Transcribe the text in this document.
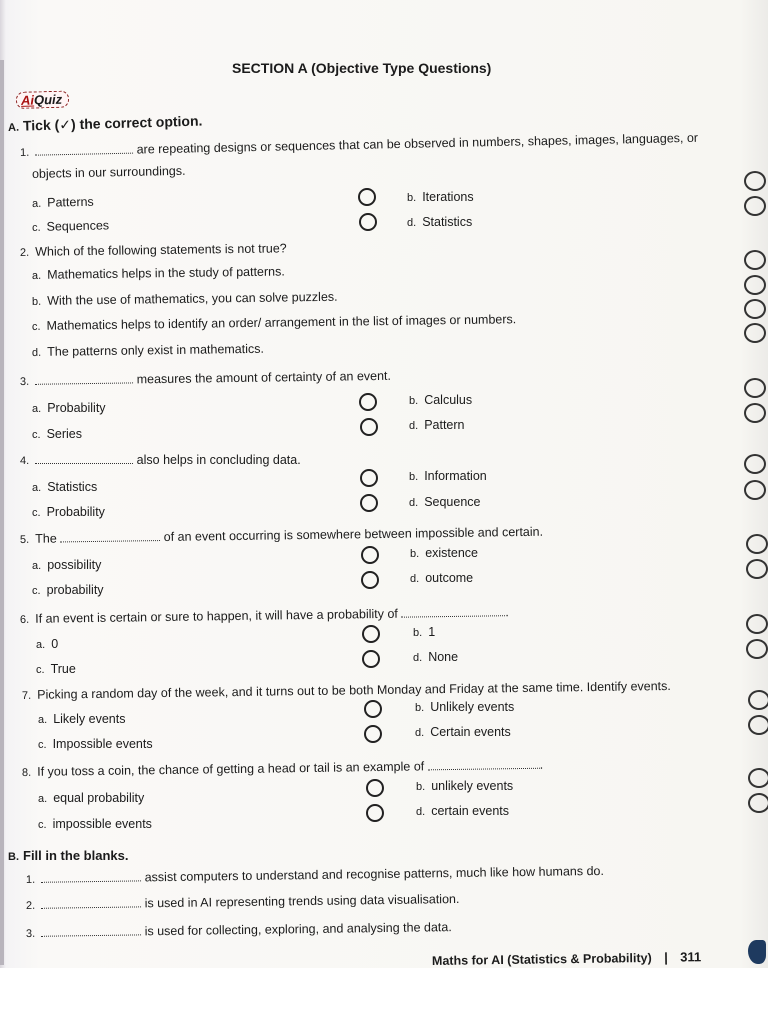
SECTION A (Objective Type Questions)
AiQuiz
A. Tick (✓) the correct option.
1.	are repeating designs or sequences that can be observed in numbers, shapes, images, languages, or
objects in our surroundings.
a. Patterns	b. Iterations
c. Sequences	d. Statistics
2. Which of the following statements is not true?
a. Mathematics helps in the study of patterns.
b. With the use of mathematics, you can solve puzzles.
c. Mathematics helps to identify an order/ arrangement in the list of images or numbers.
d. The patterns only exist in mathematics.
3.	measures the amount of certainty of an event.
a. Probability	b. Calculus
c. Series
d. Pattern
4.	also helps in concluding data.
a. Statistics
b. Information
c. Probability
d. Sequence
5. The	of an event occurring is somewhere between impossible and certain.
a. possibility
b. existence
c. probability
d. outcome
6. If an event is certain or sure to happen, it will have a probability of	.
a. 0
b. 1
c. True
d. None
7. Picking a random day of the week, and it turns out to be both Monday and Friday at the same time. Identify events.
a. Likely events
b. Unlikely events
c. Impossible events
d. Certain events
8. If you toss a coin, the chance of getting a head or tail is an example of	.
a. equal probability
b. unlikely events
c. impossible events
d. certain events
B. Fill in the blanks.
1.	assist computers to understand and recognise patterns, much like how humans do.
2.	is used in AI representing trends using data visualisation.
3.	is used for collecting, exploring, and analysing the data.
Maths for AI (Statistics & Probability) | 311
